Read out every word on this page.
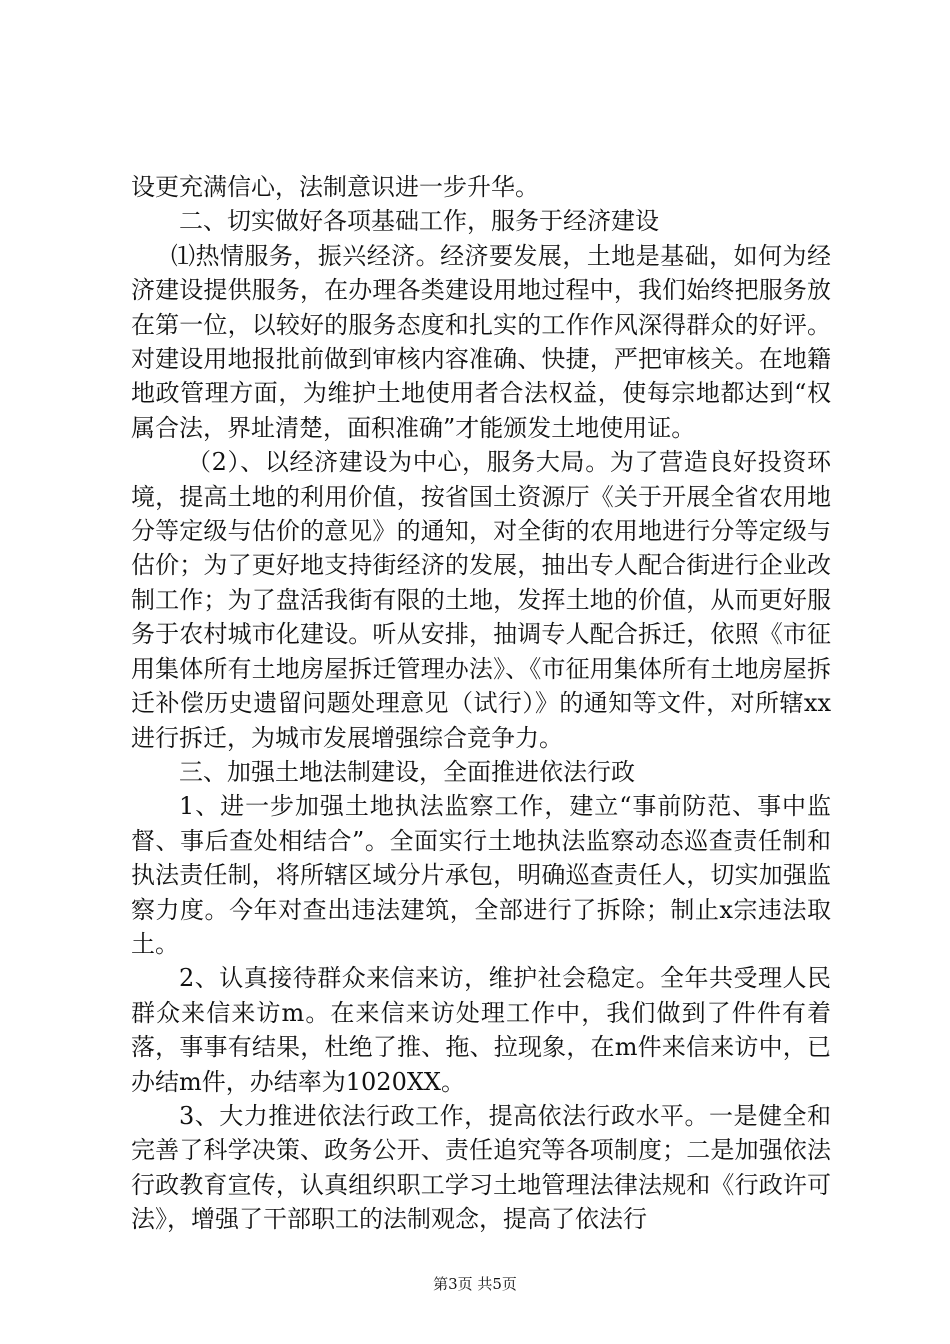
设更充满信心，法制意识进一步升华。

二、切实做好各项基础工作，服务于经济建设

⑴热情服务，振兴经济。经济要发展，土地是基础，如何为经济建设提供服务，在办理各类建设用地过程中，我们始终把服务放在第一位，以较好的服务态度和扎实的工作作风深得群众的好评。对建设用地报批前做到审核内容准确、快捷，严把审核关。在地籍地政管理方面，为维护土地使用者合法权益，使每宗地都达到“权属合法，界址清楚，面积准确”才能颁发土地使用证。

（2）、以经济建设为中心，服务大局。为了营造良好投资环境，提高土地的利用价值，按省国土资源厅《关于开展全省农用地分等定级与估价的意见》的通知，对全街的农用地进行分等定级与估价；为了更好地支持街经济的发展，抽出专人配合街进行企业改制工作；为了盘活我街有限的土地，发挥土地的价值，从而更好服务于农村城市化建设。听从安排，抽调专人配合拆迁，依照《市征用集体所有土地房屋拆迁管理办法》、《市征用集体所有土地房屋拆迁补偿历史遗留问题处理意见（试行）》的通知等文件，对所辖xx进行拆迁，为城市发展增强综合竞争力。

三、加强土地法制建设，全面推进依法行政

1、进一步加强土地执法监察工作，建立“事前防范、事中监督、事后查处相结合”。全面实行土地执法监察动态巡查责任制和执法责任制，将所辖区域分片承包，明确巡查责任人，切实加强监察力度。今年对查出违法建筑，全部进行了拆除；制止x宗违法取土。

2、认真接待群众来信来访，维护社会稳定。全年共受理人民群众来信来访m。在来信来访处理工作中，我们做到了件件有着落，事事有结果，杜绝了推、拖、拉现象，在m件来信来访中，已办结m件，办结率为1020XX。

3、大力推进依法行政工作，提高依法行政水平。一是健全和完善了科学决策、政务公开、责任追究等各项制度；二是加强依法行政教育宣传，认真组织职工学习土地管理法律法规和《行政许可法》，增强了干部职工的法制观念，提高了依法行

第3页 共5页
